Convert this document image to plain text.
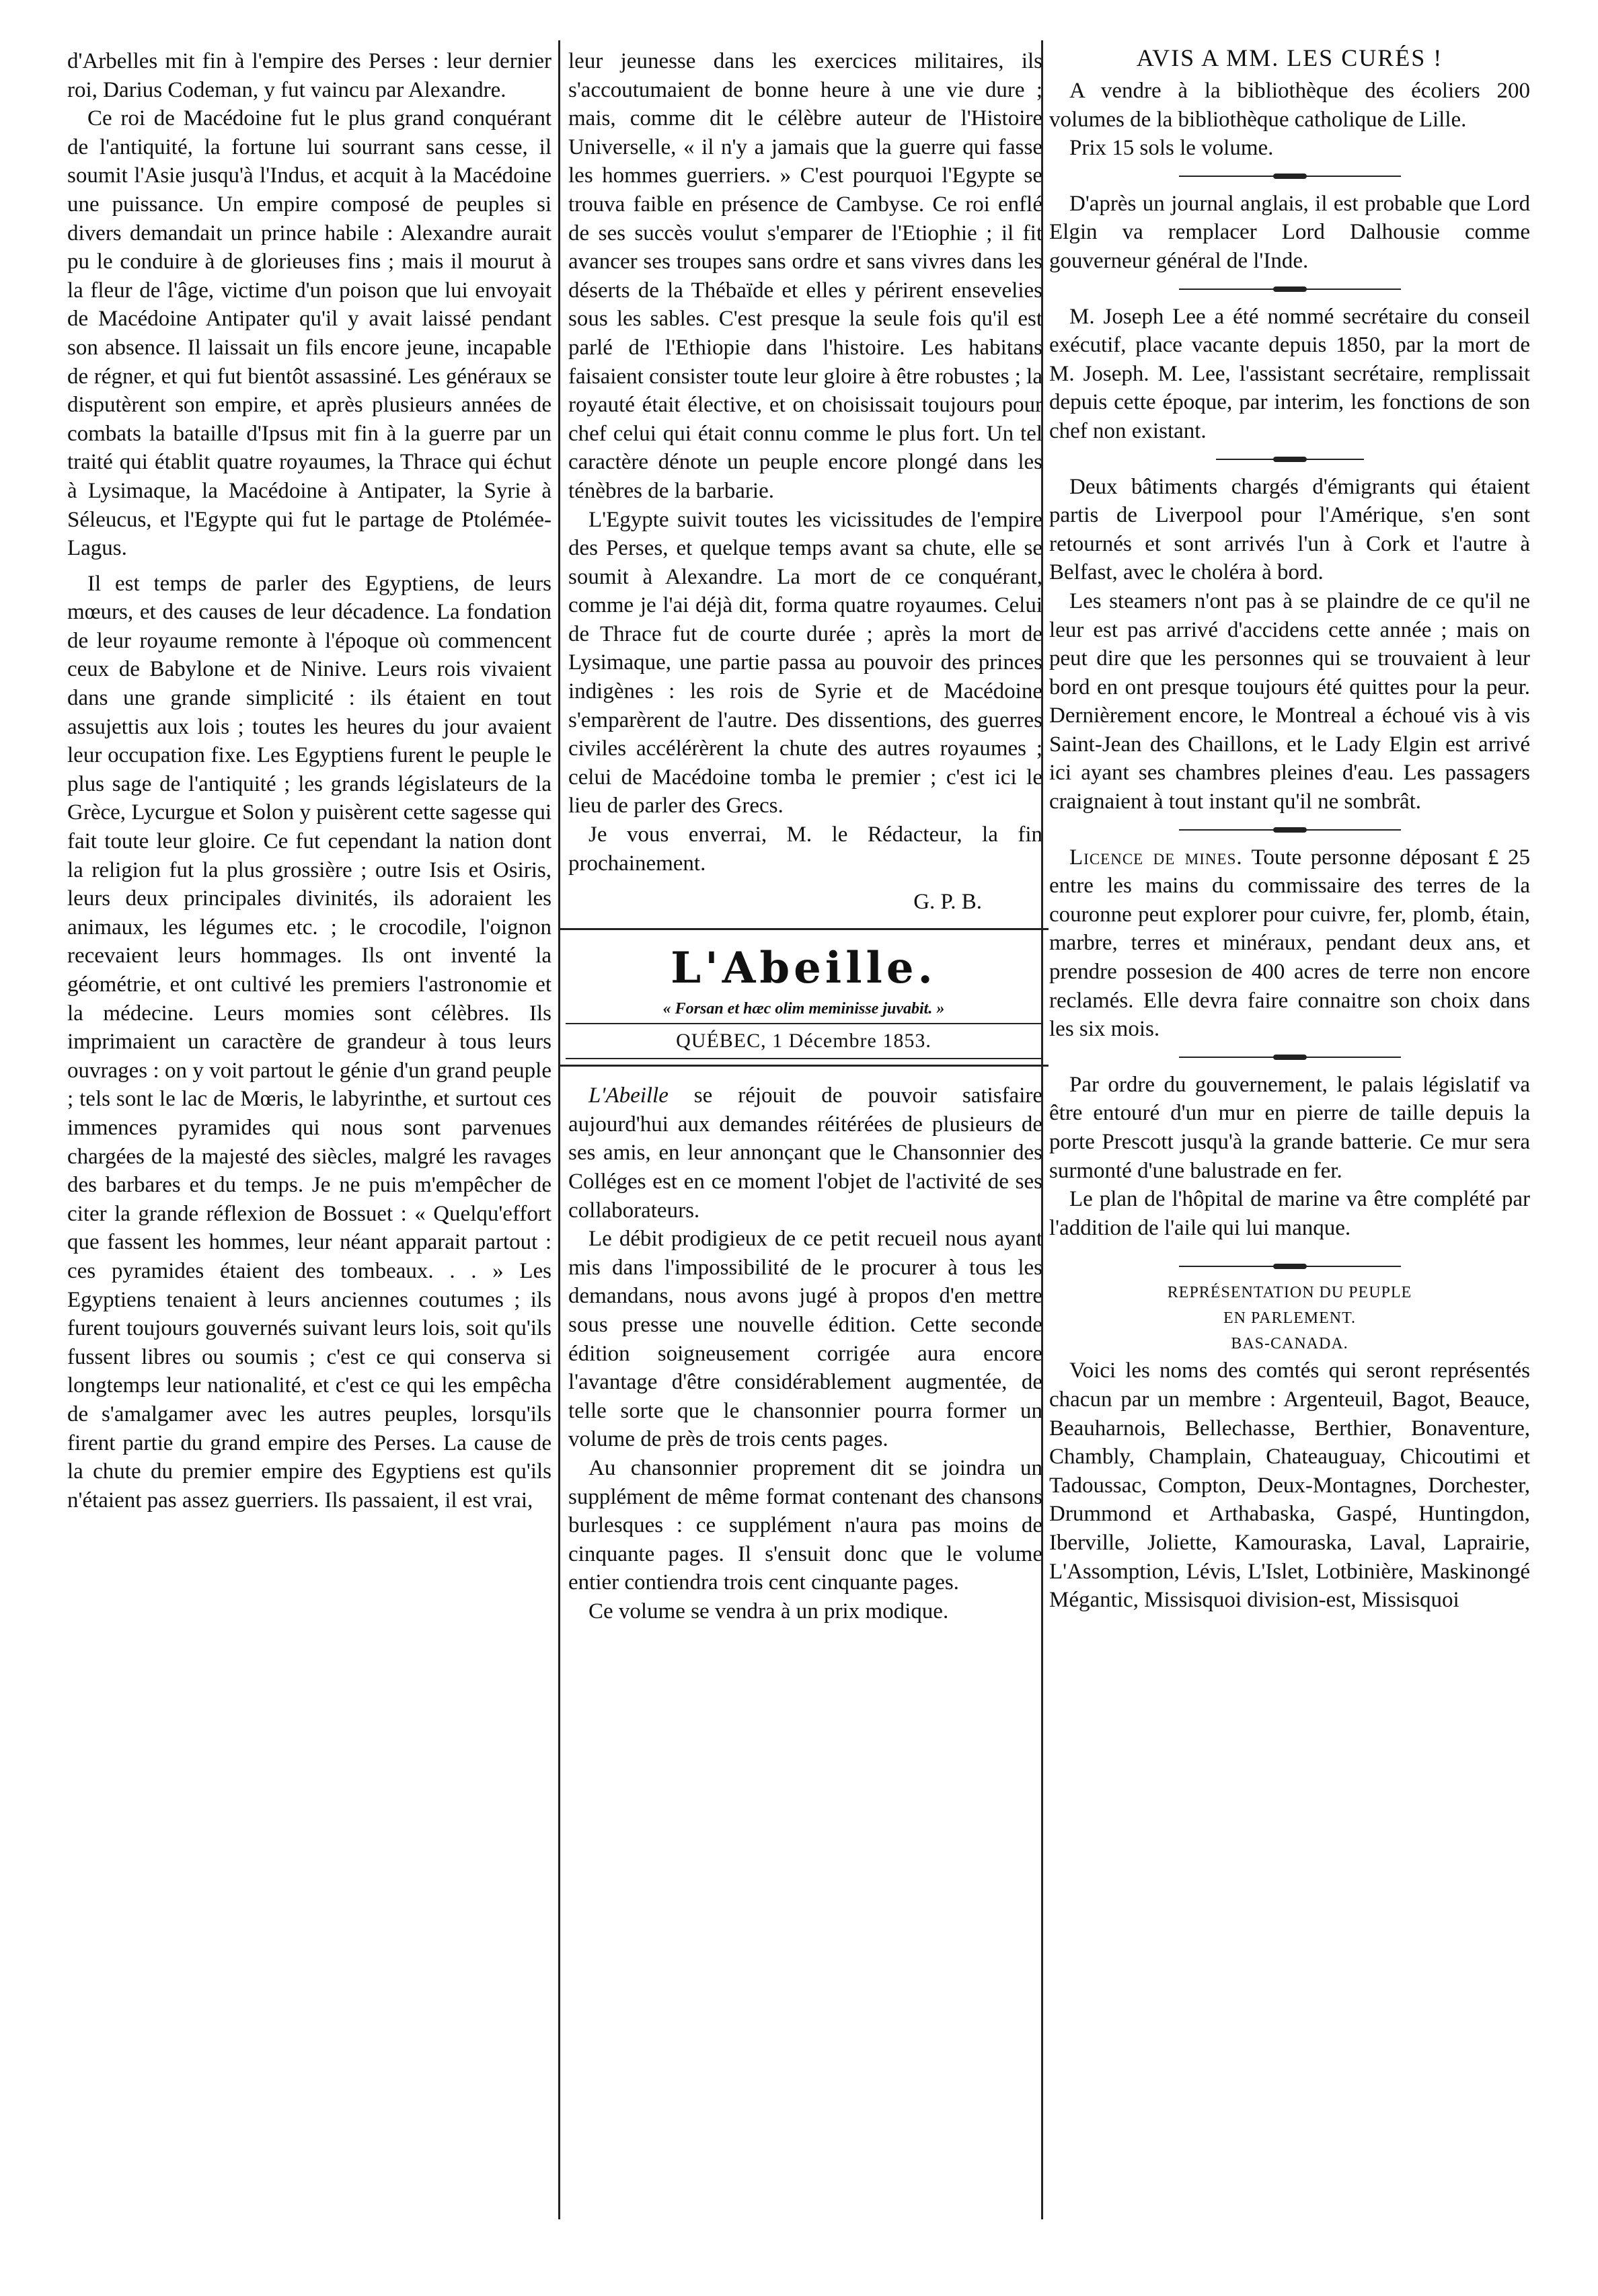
d'Arbelles mit fin à l'empire des Perses : leur dernier roi, Darius Codeman, y fut vaincu par Alexandre.

Ce roi de Macédoine fut le plus grand conquérant de l'antiquité, la fortune lui sourrant sans cesse, il soumit l'Asie jusqu'à l'Indus, et acquit à la Macédoine une puissance. Un empire composé de peuples si divers demandait un prince habile : Alexandre aurait pu le conduire à de glorieuses fins ; mais il mourut à la fleur de l'âge, victime d'un poison que lui envoyait de Macédoine Antipater qu'il y avait laissé pendant son absence. Il laissait un fils encore jeune, incapable de régner, et qui fut bientôt assassiné. Les généraux se disputèrent son empire, et après plusieurs années de combats la bataille d'Ipsus mit fin à la guerre par un traité qui établit quatre royaumes, la Thrace qui échut à Lysimaque, la Macédoine à Antipater, la Syrie à Séleucus, et l'Egypte qui fut le partage de Ptolémée-Lagus.

Il est temps de parler des Egyptiens, de leurs mœurs, et des causes de leur décadence. La fondation de leur royaume remonte à l'époque où commencent ceux de Babylone et de Ninive. Leurs rois vivaient dans une grande simplicité : ils étaient en tout assujettis aux lois ; toutes les heures du jour avaient leur occupation fixe. Les Egyptiens furent le peuple le plus sage de l'antiquité ; les grands législateurs de la Grèce, Lycurgue et Solon y puisèrent cette sagesse qui fait toute leur gloire. Ce fut cependant la nation dont la religion fut la plus grossière ; outre Isis et Osiris, leurs deux principales divinités, ils adoraient les animaux, les légumes etc. ; le crocodile, l'oignon recevaient leurs hommages. Ils ont inventé la géométrie, et ont cultivé les premiers l'astronomie et la médecine. Leurs momies sont célèbres. Ils imprimaient un caractère de grandeur à tous leurs ouvrages : on y voit partout le génie d'un grand peuple ; tels sont le lac de Mœris, le labyrinthe, et surtout ces immences pyramides qui nous sont parvenues chargées de la majesté des siècles, malgré les ravages des barbares et du temps. Je ne puis m'empêcher de citer la grande réflexion de Bossuet : « Quelqu'effort que fassent les hommes, leur néant apparait partout : ces pyramides étaient des tombeaux. . . » Les Egyptiens tenaient à leurs anciennes coutumes ; ils furent toujours gouvernés suivant leurs lois, soit qu'ils fussent libres ou soumis ; c'est ce qui conserva si longtemps leur nationalité, et c'est ce qui les empêcha de s'amalgamer avec les autres peuples, lorsqu'ils firent partie du grand empire des Perses. La cause de la chute du premier empire des Egyptiens est qu'ils n'étaient pas assez guerriers. Ils passaient, il est vrai,

leur jeunesse dans les exercices militaires, ils s'accoutumaient de bonne heure à une vie dure ; mais, comme dit le célèbre auteur de l'Histoire Universelle, « il n'y a jamais que la guerre qui fasse les hommes guerriers. » C'est pourquoi l'Egypte se trouva faible en présence de Cambyse. Ce roi enflé de ses succès voulut s'emparer de l'Etiophie ; il fit avancer ses troupes sans ordre et sans vivres dans les déserts de la Thébaïde et elles y périrent ensevelies sous les sables. C'est presque la seule fois qu'il est parlé de l'Ethiopie dans l'histoire. Les habitans faisaient consister toute leur gloire à être robustes ; la royauté était élective, et on choisissait toujours pour chef celui qui était connu comme le plus fort. Un tel caractère dénote un peuple encore plongé dans les ténèbres de la barbarie.

L'Egypte suivit toutes les vicissitudes de l'empire des Perses, et quelque temps avant sa chute, elle se soumit à Alexandre. La mort de ce conquérant, comme je l'ai déjà dit, forma quatre royaumes. Celui de Thrace fut de courte durée ; après la mort de Lysimaque, une partie passa au pouvoir des princes indigènes : les rois de Syrie et de Macédoine s'emparèrent de l'autre. Des dissentions, des guerres civiles accélérèrent la chute des autres royaumes ; celui de Macédoine tomba le premier ; c'est ici le lieu de parler des Grecs.

Je vous enverrai, M. le Rédacteur, la fin prochainement.

G. P. B.
L'Abeille.
« Forsan et hæc olim meminisse juvabit. »
QUÉBEC, 1 Décembre 1853.

L'Abeille se réjouit de pouvoir satisfaire aujourd'hui aux demandes réitérées de plusieurs de ses amis, en leur annonçant que le Chansonnier des Colléges est en ce moment l'objet de l'activité de ses collaborateurs.

Le débit prodigieux de ce petit recueil nous ayant mis dans l'impossibilité de le procurer à tous les demandans, nous avons jugé à propos d'en mettre sous presse une nouvelle édition. Cette seconde édition soigneusement corrigée aura encore l'avantage d'être considérablement augmentée, de telle sorte que le chansonnier pourra former un volume de près de trois cents pages.

Au chansonnier proprement dit se joindra un supplément de même format contenant des chansons burlesques : ce supplément n'aura pas moins de cinquante pages. Il s'ensuit donc que le volume entier contiendra trois cent cinquante pages.

Ce volume se vendra à un prix modique.

AVIS A MM. LES CURÉS !

A vendre à la bibliothèque des écoliers 200 volumes de la bibliothèque catholique de Lille.

Prix 15 sols le volume.

D'après un journal anglais, il est probable que Lord Elgin va remplacer Lord Dalhousie comme gouverneur général de l'Inde.

M. Joseph Lee a été nommé secrétaire du conseil exécutif, place vacante depuis 1850, par la mort de M. Joseph. M. Lee, l'assistant secrétaire, remplissait depuis cette époque, par interim, les fonctions de son chef non existant.

Deux bâtiments chargés d'émigrants qui étaient partis de Liverpool pour l'Amérique, s'en sont retournés et sont arrivés l'un à Cork et l'autre à Belfast, avec le choléra à bord.

Les steamers n'ont pas à se plaindre de ce qu'il ne leur est pas arrivé d'accidens cette année ; mais on peut dire que les personnes qui se trouvaient à leur bord en ont presque toujours été quittes pour la peur. Dernièrement encore, le Montreal a échoué vis à vis Saint-Jean des Chaillons, et le Lady Elgin est arrivé ici ayant ses chambres pleines d'eau. Les passagers craignaient à tout instant qu'il ne sombrât.

Licence de mines. Toute personne déposant £ 25 entre les mains du commissaire des terres de la couronne peut explorer pour cuivre, fer, plomb, étain, marbre, terres et minéraux, pendant deux ans, et prendre possesion de 400 acres de terre non encore reclamés. Elle devra faire connaitre son choix dans les six mois.

Par ordre du gouvernement, le palais législatif va être entouré d'un mur en pierre de taille depuis la porte Prescott jusqu'à la grande batterie. Ce mur sera surmonté d'une balustrade en fer.

Le plan de l'hôpital de marine va être complété par l'addition de l'aile qui lui manque.

REPRÉSENTATION DU PEUPLE
EN PARLEMENT.
BAS-CANADA.

Voici les noms des comtés qui seront représentés chacun par un membre : Argenteuil, Bagot, Beauce, Beauharnois, Bellechasse, Berthier, Bonaventure, Chambly, Champlain, Chateauguay, Chicoutimi et Tadoussac, Compton, Deux-Montagnes, Dorchester, Drummond et Arthabaska, Gaspé, Huntingdon, Iberville, Joliette, Kamouraska, Laval, Laprairie, L'Assomption, Lévis, L'Islet, Lotbinière, Maskinongé Mégantic, Missisquoi division-est, Missisquoi
